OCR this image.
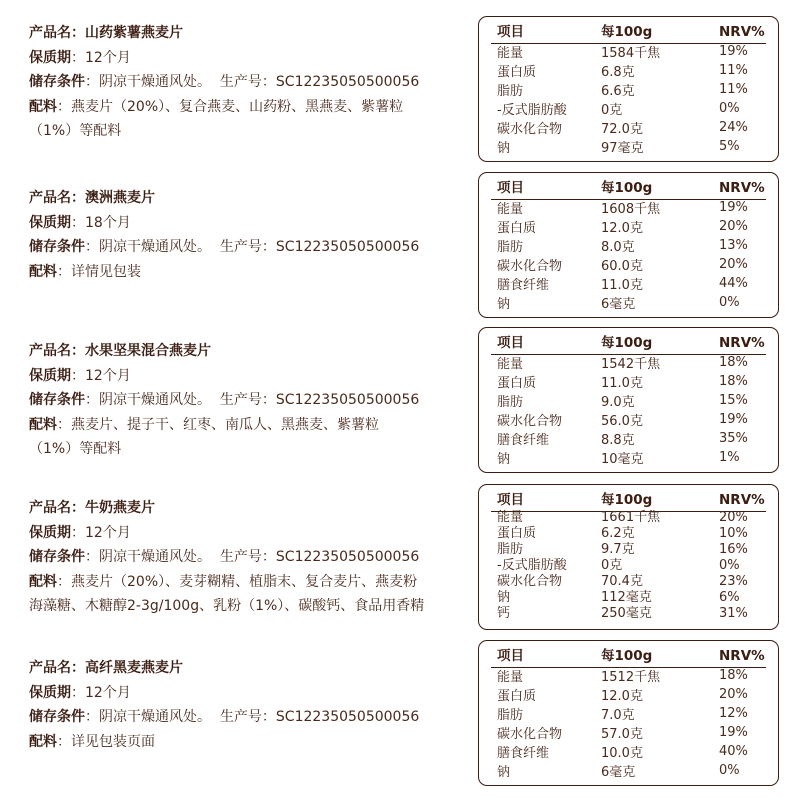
产品名：山药紫薯燕麦片
保质期：12个月
储存条件：阴凉干燥通风处。 生产号：SC12235050500056
配料：燕麦片（20%）、复合燕麦、山药粉、黑燕麦、紫薯粒
（1%）等配料
产品名：澳洲燕麦片
保质期：18个月
储存条件：阴凉干燥通风处。 生产号：SC12235050500056
配料：详情见包装
产品名：水果坚果混合燕麦片
保质期：12个月
储存条件：阴凉干燥通风处。 生产号：SC12235050500056
配料：燕麦片、提子干、红枣、南瓜人、黑燕麦、紫薯粒
（1%）等配料
产品名：牛奶燕麦片
保质期：12个月
储存条件：阴凉干燥通风处。 生产号：SC12235050500056
配料：燕麦片（20%）、麦芽糊精、植脂末、复合麦片、燕麦粉
海藻糖、木糖醇2-3g/100g、乳粉（1%）、碳酸钙、食品用香精
产品名：高纤黑麦燕麦片
保质期：12个月
储存条件：阴凉干燥通风处。 生产号：SC12235050500056
配料：详见包装页面
项目	每100g	NRV%
能量	1584千焦	19%
蛋白质	6.8克	11%
脂肪	6.6克	11%
-反式脂肪酸	0克	0%
碳水化合物	72.0克	24%
钠	97毫克	5%
项目	每100g	NRV%
能量	1608千焦	19%
蛋白质	12.0克	20%
脂肪	8.0克	13%
碳水化合物	60.0克	20%
膳食纤维	11.0克	44%
钠	6毫克	0%
项目	每100g	NRV%
能量	1542千焦	18%
蛋白质	11.0克	18%
脂肪	9.0克	15%
碳水化合物	56.0克	19%
膳食纤维	8.8克	35%
钠	10毫克	1%
项目	每100g	NRV%
能量	1661千焦	20%
蛋白质	6.2克	10%
脂肪	9.7克	16%
-反式脂肪酸	0克	0%
碳水化合物	70.4克	23%
钠	112毫克	6%
钙	250毫克	31%
项目	每100g	NRV%
能量	1512千焦	18%
蛋白质	12.0克	20%
脂肪	7.0克	12%
碳水化合物	57.0克	19%
膳食纤维	10.0克	40%
钠	6毫克	0%
